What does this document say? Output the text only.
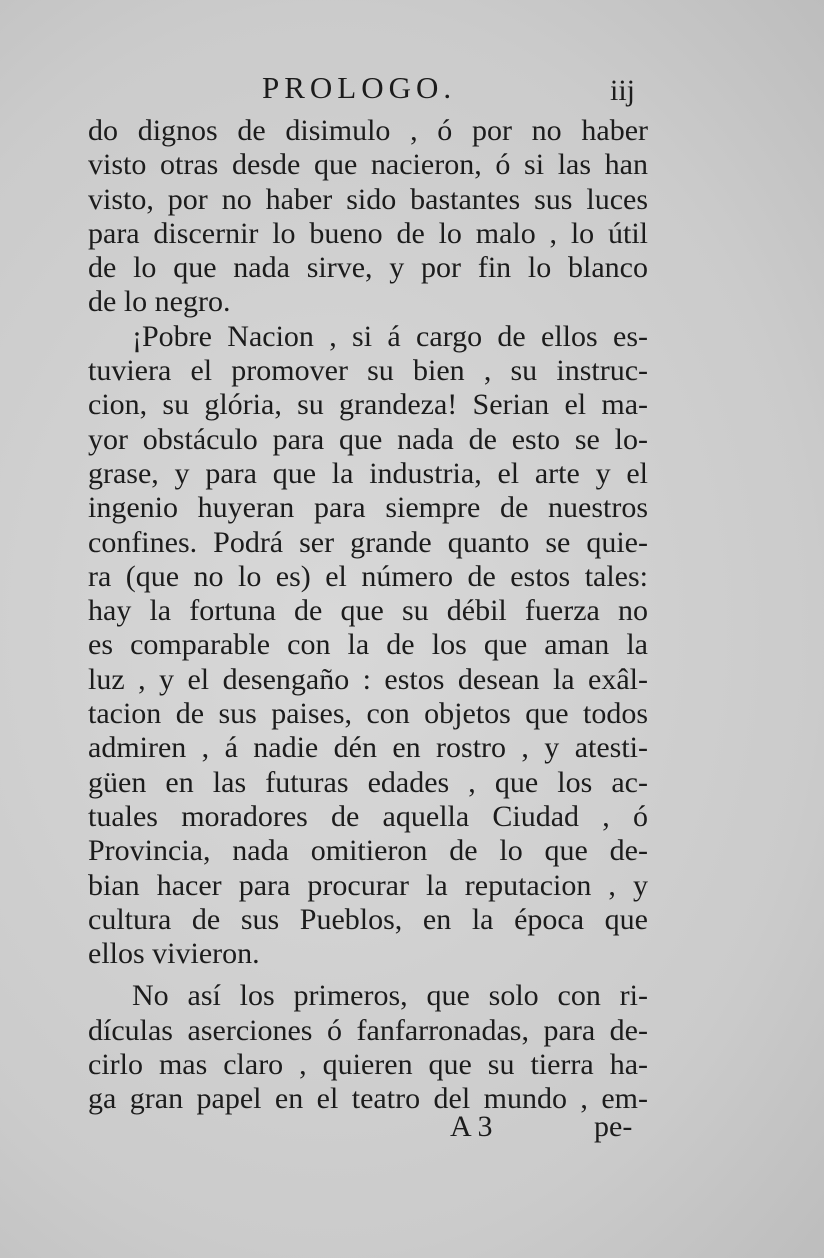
PROLOGO.	iij
do dignos de disimulo , ó por no haber
visto otras desde que nacieron, ó si las han
visto, por no haber sido bastantes sus luces
para discernir lo bueno de lo malo , lo útil
de lo que nada sirve, y por fin lo blanco
de lo negro.
¡Pobre Nacion , si á cargo de ellos es-
tuviera el promover su bien , su instruc-
cion, su glória, su grandeza! Serian el ma-
yor obstáculo para que nada de esto se lo-
grase, y para que la industria, el arte y el
ingenio huyeran para siempre de nuestros
confines. Podrá ser grande quanto se quie-
ra (que no lo es) el número de estos tales:
hay la fortuna de que su débil fuerza no
es comparable con la de los que aman la
luz , y el desengaño : estos desean la exâl-
tacion de sus paises, con objetos que todos
admiren , á nadie dén en rostro , y atesti-
güen en las futuras edades , que los ac-
tuales moradores de aquella Ciudad , ó
Provincia, nada omitieron de lo que de-
bian hacer para procurar la reputacion , y
cultura de sus Pueblos, en la época que
ellos vivieron.
No así los primeros, que solo con ri-
dículas aserciones ó fanfarronadas, para de-
cirlo mas claro , quieren que su tierra ha-
ga gran papel en el teatro del mundo , em-
A 3	pe-
